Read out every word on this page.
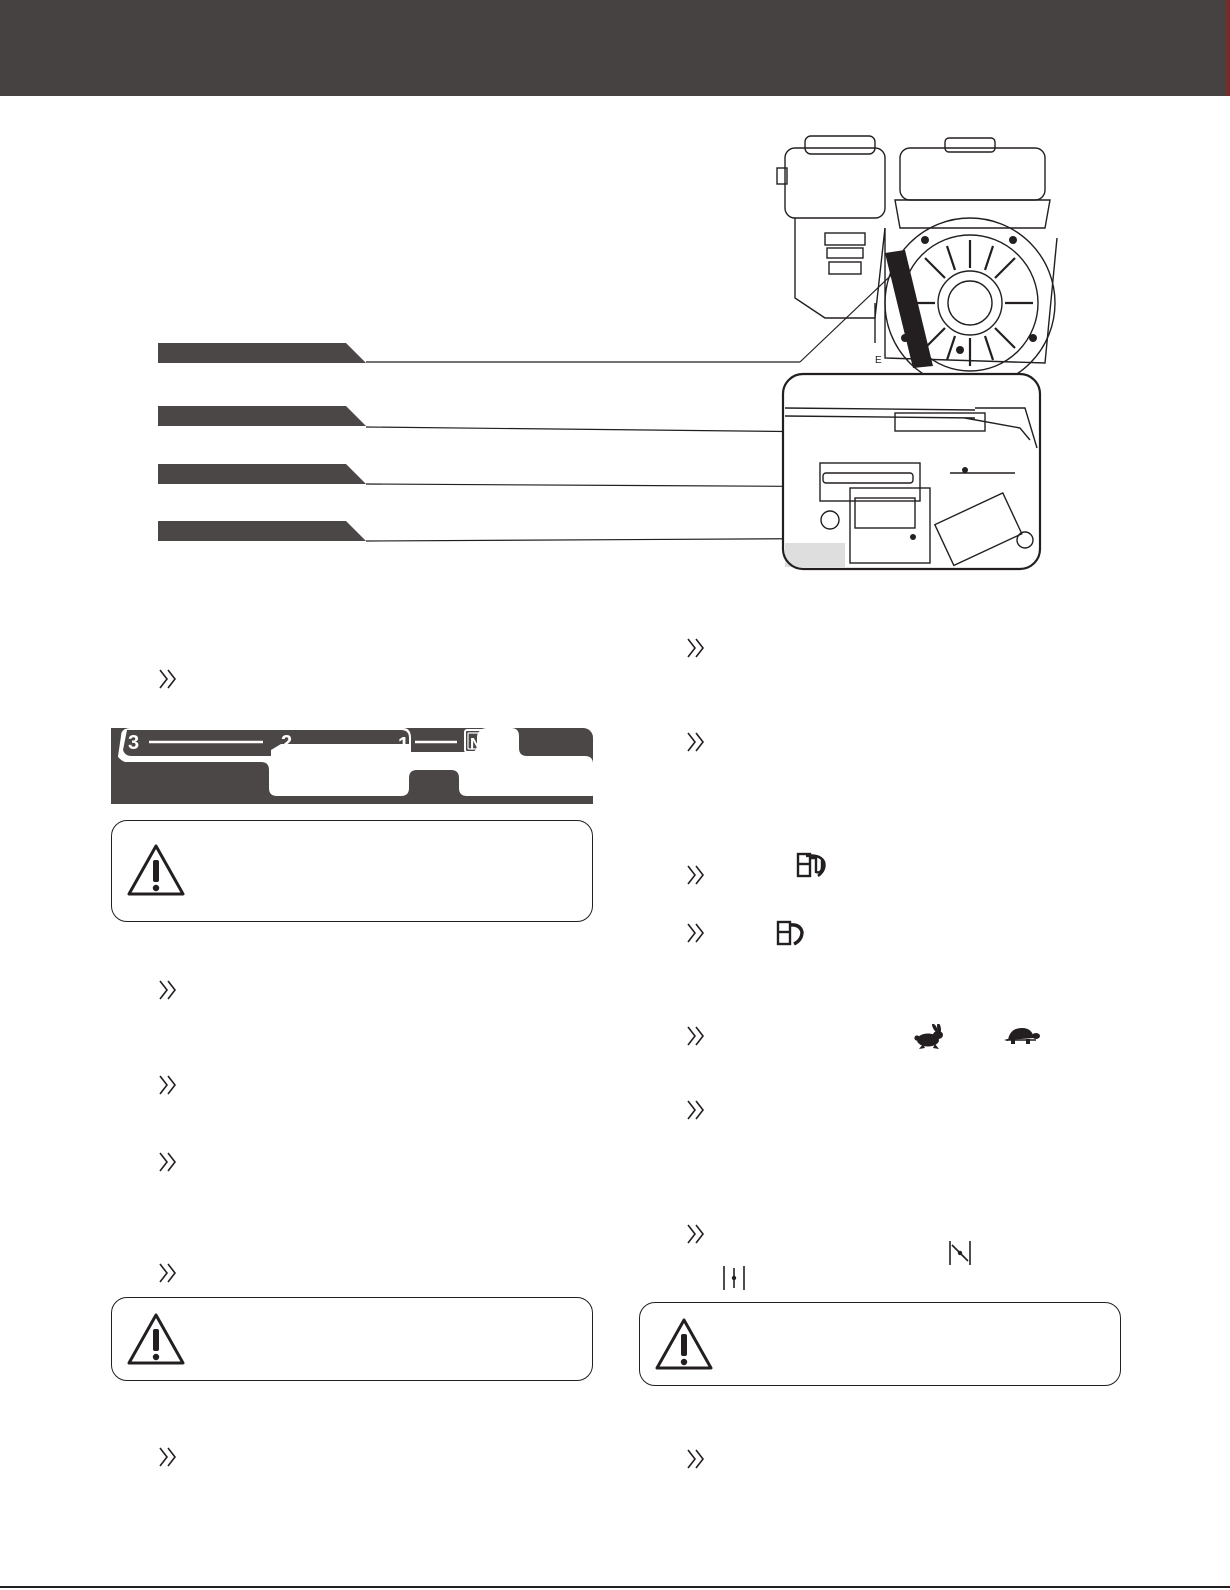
E
3	2	1	N
R
